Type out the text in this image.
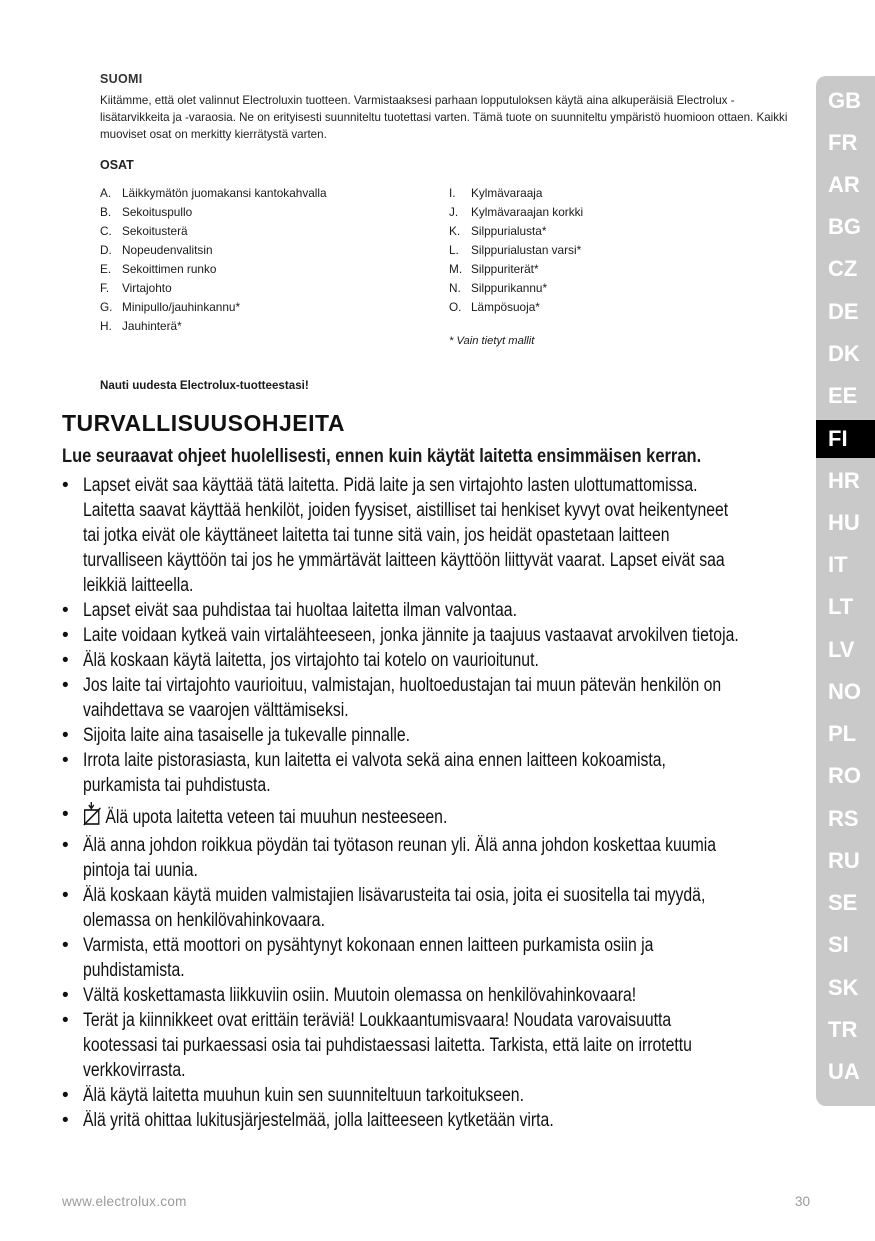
SUOMI
Kiitämme, että olet valinnut Electroluxin tuotteen. Varmistaaksesi parhaan lopputuloksen käytä aina alkuperäisiä Electrolux -lisätarvikkeita ja -varaosia. Ne on erityisesti suunniteltu tuotettasi varten. Tämä tuote on suunniteltu ympäristö huomioon ottaen. Kaikki muoviset osat on merkitty kierrätystä varten.
OSAT
A. Läikkymätön juomakansi kantokahvalla
B. Sekoituspullo
C. Sekoitusterä
D. Nopeudenvalitsin
E. Sekoittimen runko
F. Virtajohto
G. Minipullo/jauhinkannu*
H. Jauhinterä*
I. Kylmävaraaja
J. Kylmävaraajan korkki
K. Silppurialusta*
L. Silppurialustan varsi*
M. Silppuriterät*
N. Silppurikannu*
O. Lämpösuoja*
* Vain tietyt mallit
Nauti uudesta Electrolux-tuotteestasi!
TURVALLISUUSOHJEITA
Lue seuraavat ohjeet huolellisesti, ennen kuin käytät laitetta ensimmäisen kerran.
• Lapset eivät saa käyttää tätä laitetta. Pidä laite ja sen virtajohto lasten ulottumattomissa. Laitetta saavat käyttää henkilöt, joiden fyysiset, aistilliset tai henkiset kyvyt ovat heikentyneet tai jotka eivät ole käyttäneet laitetta tai tunne sitä vain, jos heidät opastetaan laitteen turvalliseen käyttöön tai jos he ymmärtävät laitteen käyttöön liittyvät vaarat. Lapset eivät saa leikkiä laitteella.
• Lapset eivät saa puhdistaa tai huoltaa laitetta ilman valvontaa.
• Laite voidaan kytkeä vain virtalähteeseen, jonka jännite ja taajuus vastaavat arvokilven tietoja.
• Älä koskaan käytä laitetta, jos virtajohto tai kotelo on vaurioitunut.
• Jos laite tai virtajohto vaurioituu, valmistajan, huoltoedustajan tai muun pätevän henkilön on vaihdettava se vaarojen välttämiseksi.
• Sijoita laite aina tasaiselle ja tukevalle pinnalle.
• Irrota laite pistorasiasta, kun laitetta ei valvota sekä aina ennen laitteen kokoamista, purkamista tai puhdistusta.
•	Älä upota laitetta veteen tai muuhun nesteeseen.
• Älä anna johdon roikkua pöydän tai työtason reunan yli. Älä anna johdon koskettaa kuumia pintoja tai uunia.
• Älä koskaan käytä muiden valmistajien lisävarusteita tai osia, joita ei suositella tai myydä, olemassa on henkilövahinkovaara.
• Varmista, että moottori on pysähtynyt kokonaan ennen laitteen purkamista osiin ja puhdistamista.
• Vältä koskettamasta liikkuviin osiin. Muutoin olemassa on henkilövahinkovaara!
• Terät ja kiinnikkeet ovat erittäin teräviä! Loukkaantumisvaara! Noudata varovaisuutta kootessasi tai purkaessasi osia tai puhdistaessasi laitetta. Tarkista, että laite on irrotettu verkkovirrasta.
• Älä käytä laitetta muuhun kuin sen suunniteltuun tarkoitukseen.
• Älä yritä ohittaa lukitusjärjestelmää, jolla laitteeseen kytketään virta.
GB
FR
AR
BG
CZ
DE
DK
EE
FI
HR
HU
IT
LT
LV
NO
PL
RO
RS
RU
SE
SI
SK
TR
UA
www.electrolux.com	30
